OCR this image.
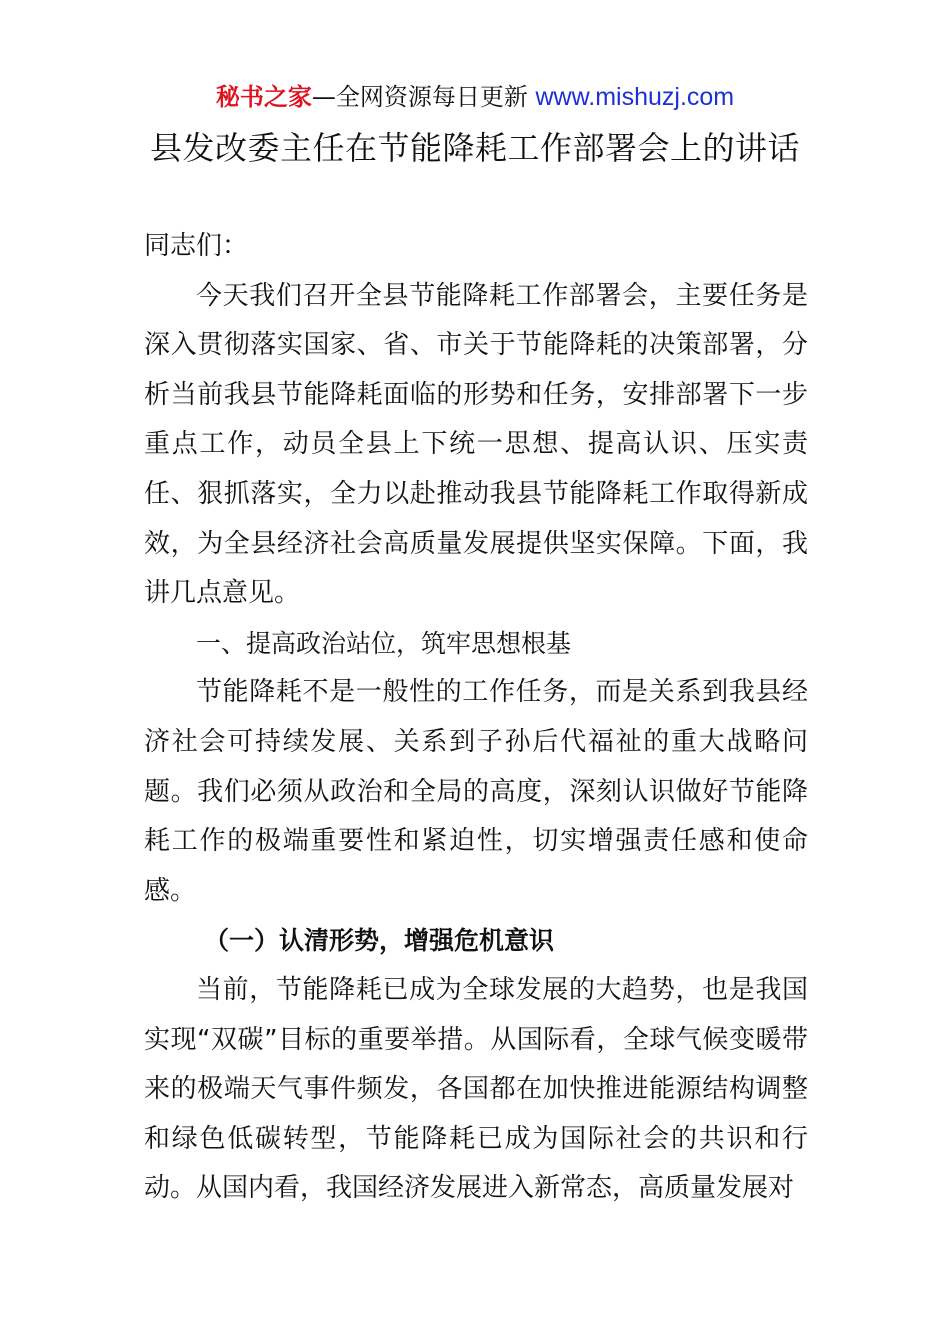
秘书之家—全网资源每日更新 www.mishuzj.com
县发改委主任在节能降耗工作部署会上的讲话

同志们：

今天我们召开全县节能降耗工作部署会，主要任务是深入贯彻落实国家、省、市关于节能降耗的决策部署，分析当前我县节能降耗面临的形势和任务，安排部署下一步重点工作，动员全县上下统一思想、提高认识、压实责任、狠抓落实，全力以赴推动我县节能降耗工作取得新成效，为全县经济社会高质量发展提供坚实保障。下面，我讲几点意见。

一、提高政治站位，筑牢思想根基

节能降耗不是一般性的工作任务，而是关系到我县经济社会可持续发展、关系到子孙后代福祉的重大战略问题。我们必须从政治和全局的高度，深刻认识做好节能降耗工作的极端重要性和紧迫性，切实增强责任感和使命感。

（一）认清形势，增强危机意识

当前，节能降耗已成为全球发展的大趋势，也是我国实现“双碳”目标的重要举措。从国际看，全球气候变暖带来的极端天气事件频发，各国都在加快推进能源结构调整和绿色低碳转型，节能降耗已成为国际社会的共识和行动。从国内看，我国经济发展进入新常态，高质量发展对
